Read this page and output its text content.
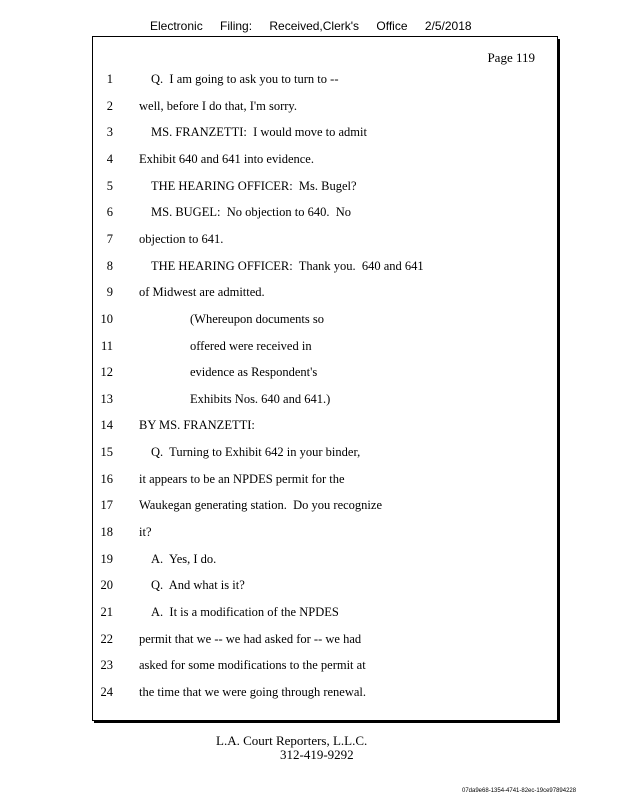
Electronic Filing: Received,Clerk's Office 2/5/2018
Page 119
1	Q.  I am going to ask you to turn to --
2 well, before I do that, I'm sorry.
3	MS. FRANZETTI:  I would move to admit
4 Exhibit 640 and 641 into evidence.
5	THE HEARING OFFICER:  Ms. Bugel?
6	MS. BUGEL:  No objection to 640.  No
7 objection to 641.
8	THE HEARING OFFICER:  Thank you.  640 and 641
9 of Midwest are admitted.
10	(Whereupon documents so
11	offered were received in
12	evidence as Respondent's
13	Exhibits Nos. 640 and 641.)
14 BY MS. FRANZETTI:
15	Q.  Turning to Exhibit 642 in your binder,
16 it appears to be an NPDES permit for the
17 Waukegan generating station.  Do you recognize
18 it?
19	A.  Yes, I do.
20	Q.  And what is it?
21	A.  It is a modification of the NPDES
22 permit that we -- we had asked for -- we had
23 asked for some modifications to the permit at
24 the time that we were going through renewal.
L.A. Court Reporters, L.L.C.
312-419-9292
07da9e68-1354-4741-82ec-19ce97894228
